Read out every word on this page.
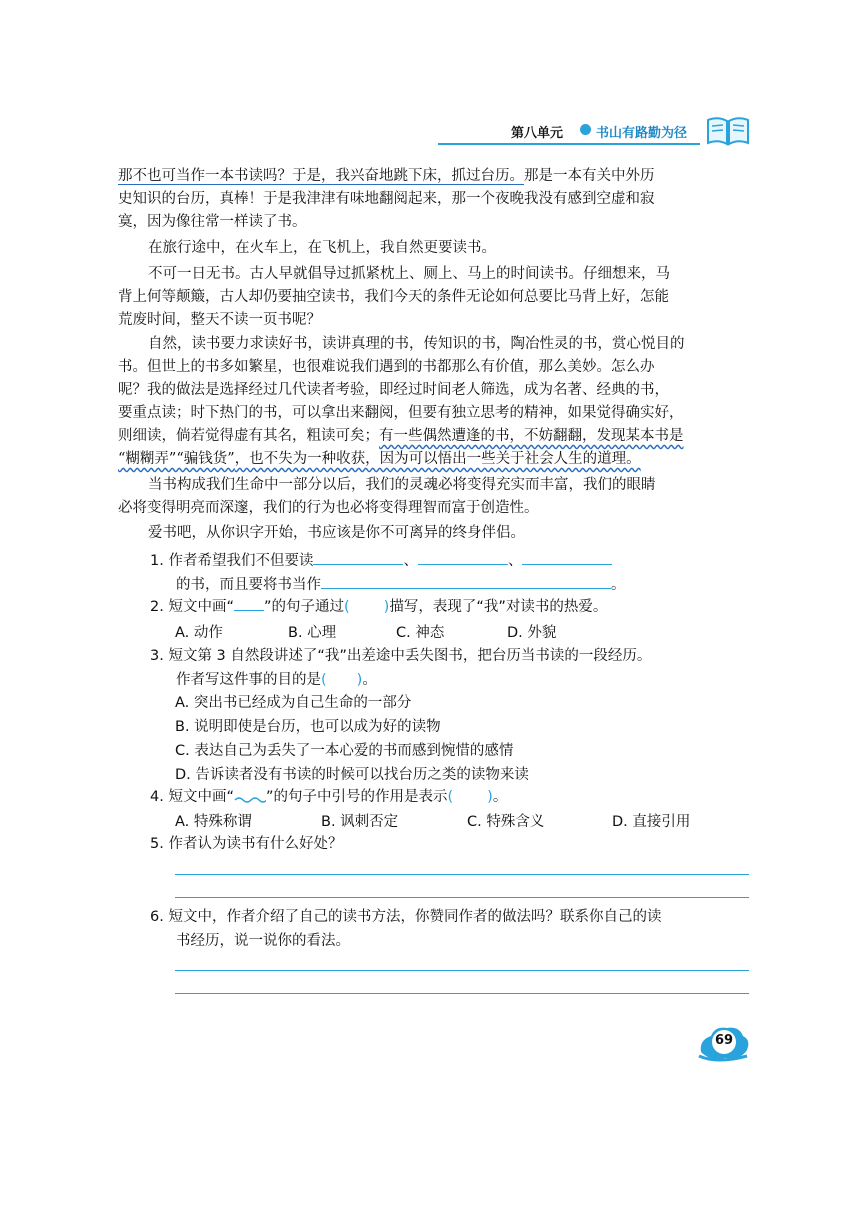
第八单元	书山有路勤为径
那不也可当作一本书读吗？于是，我兴奋地跳下床，抓过台历。那是一本有关中外历
史知识的台历，真棒！于是我津津有味地翻阅起来，那一个夜晚我没有感到空虚和寂
寞，因为像往常一样读了书。
在旅行途中，在火车上，在飞机上，我自然更要读书。
不可一日无书。古人早就倡导过抓紧枕上、厕上、马上的时间读书。仔细想来，马
背上何等颠簸，古人却仍要抽空读书，我们今天的条件无论如何总要比马背上好，怎能
荒废时间，整天不读一页书呢？
自然，读书要力求读好书，读讲真理的书，传知识的书，陶冶性灵的书，赏心悦目的
书。但世上的书多如繁星，也很难说我们遇到的书都那么有价值，那么美妙。怎么办
呢？我的做法是选择经过几代读者考验，即经过时间老人筛选，成为名著、经典的书，
要重点读；时下热门的书，可以拿出来翻阅，但要有独立思考的精神，如果觉得确实好，
则细读，倘若觉得虚有其名，粗读可矣；有一些偶然遭逢的书，不妨翻翻，发现某本书是
“糊糊弄”“骗钱货”，也不失为一种收获，因为可以悟出一些关于社会人生的道理。
当书构成我们生命中一部分以后，我们的灵魂必将变得充实而丰富，我们的眼睛
必将变得明亮而深邃，我们的行为也必将变得理智而富于创造性。
爱书吧，从你识字开始，书应该是你不可离异的终身伴侣。
1. 作者希望我们不但要读	、	、
的书，而且要将书当作	。
2. 短文中画“ ”的句子通过( )描写，表现了“我”对读书的热爱。
A. 动作	B. 心理	C. 神态	D. 外貌
3. 短文第 3 自然段讲述了“我”出差途中丢失图书，把台历当书读的一段经历。
作者写这件事的目的是( )。
A. 突出书已经成为自己生命的一部分
B. 说明即使是台历，也可以成为好的读物
C. 表达自己为丢失了一本心爱的书而感到惋惜的感情
D. 告诉读者没有书读的时候可以找台历之类的读物来读
4. 短文中画“ ”的句子中引号的作用是表示( )。
A. 特殊称谓	B. 讽刺否定	C. 特殊含义	D. 直接引用
5. 作者认为读书有什么好处？
6. 短文中，作者介绍了自己的读书方法，你赞同作者的做法吗？联系你自己的读
书经历，说一说你的看法。
69
